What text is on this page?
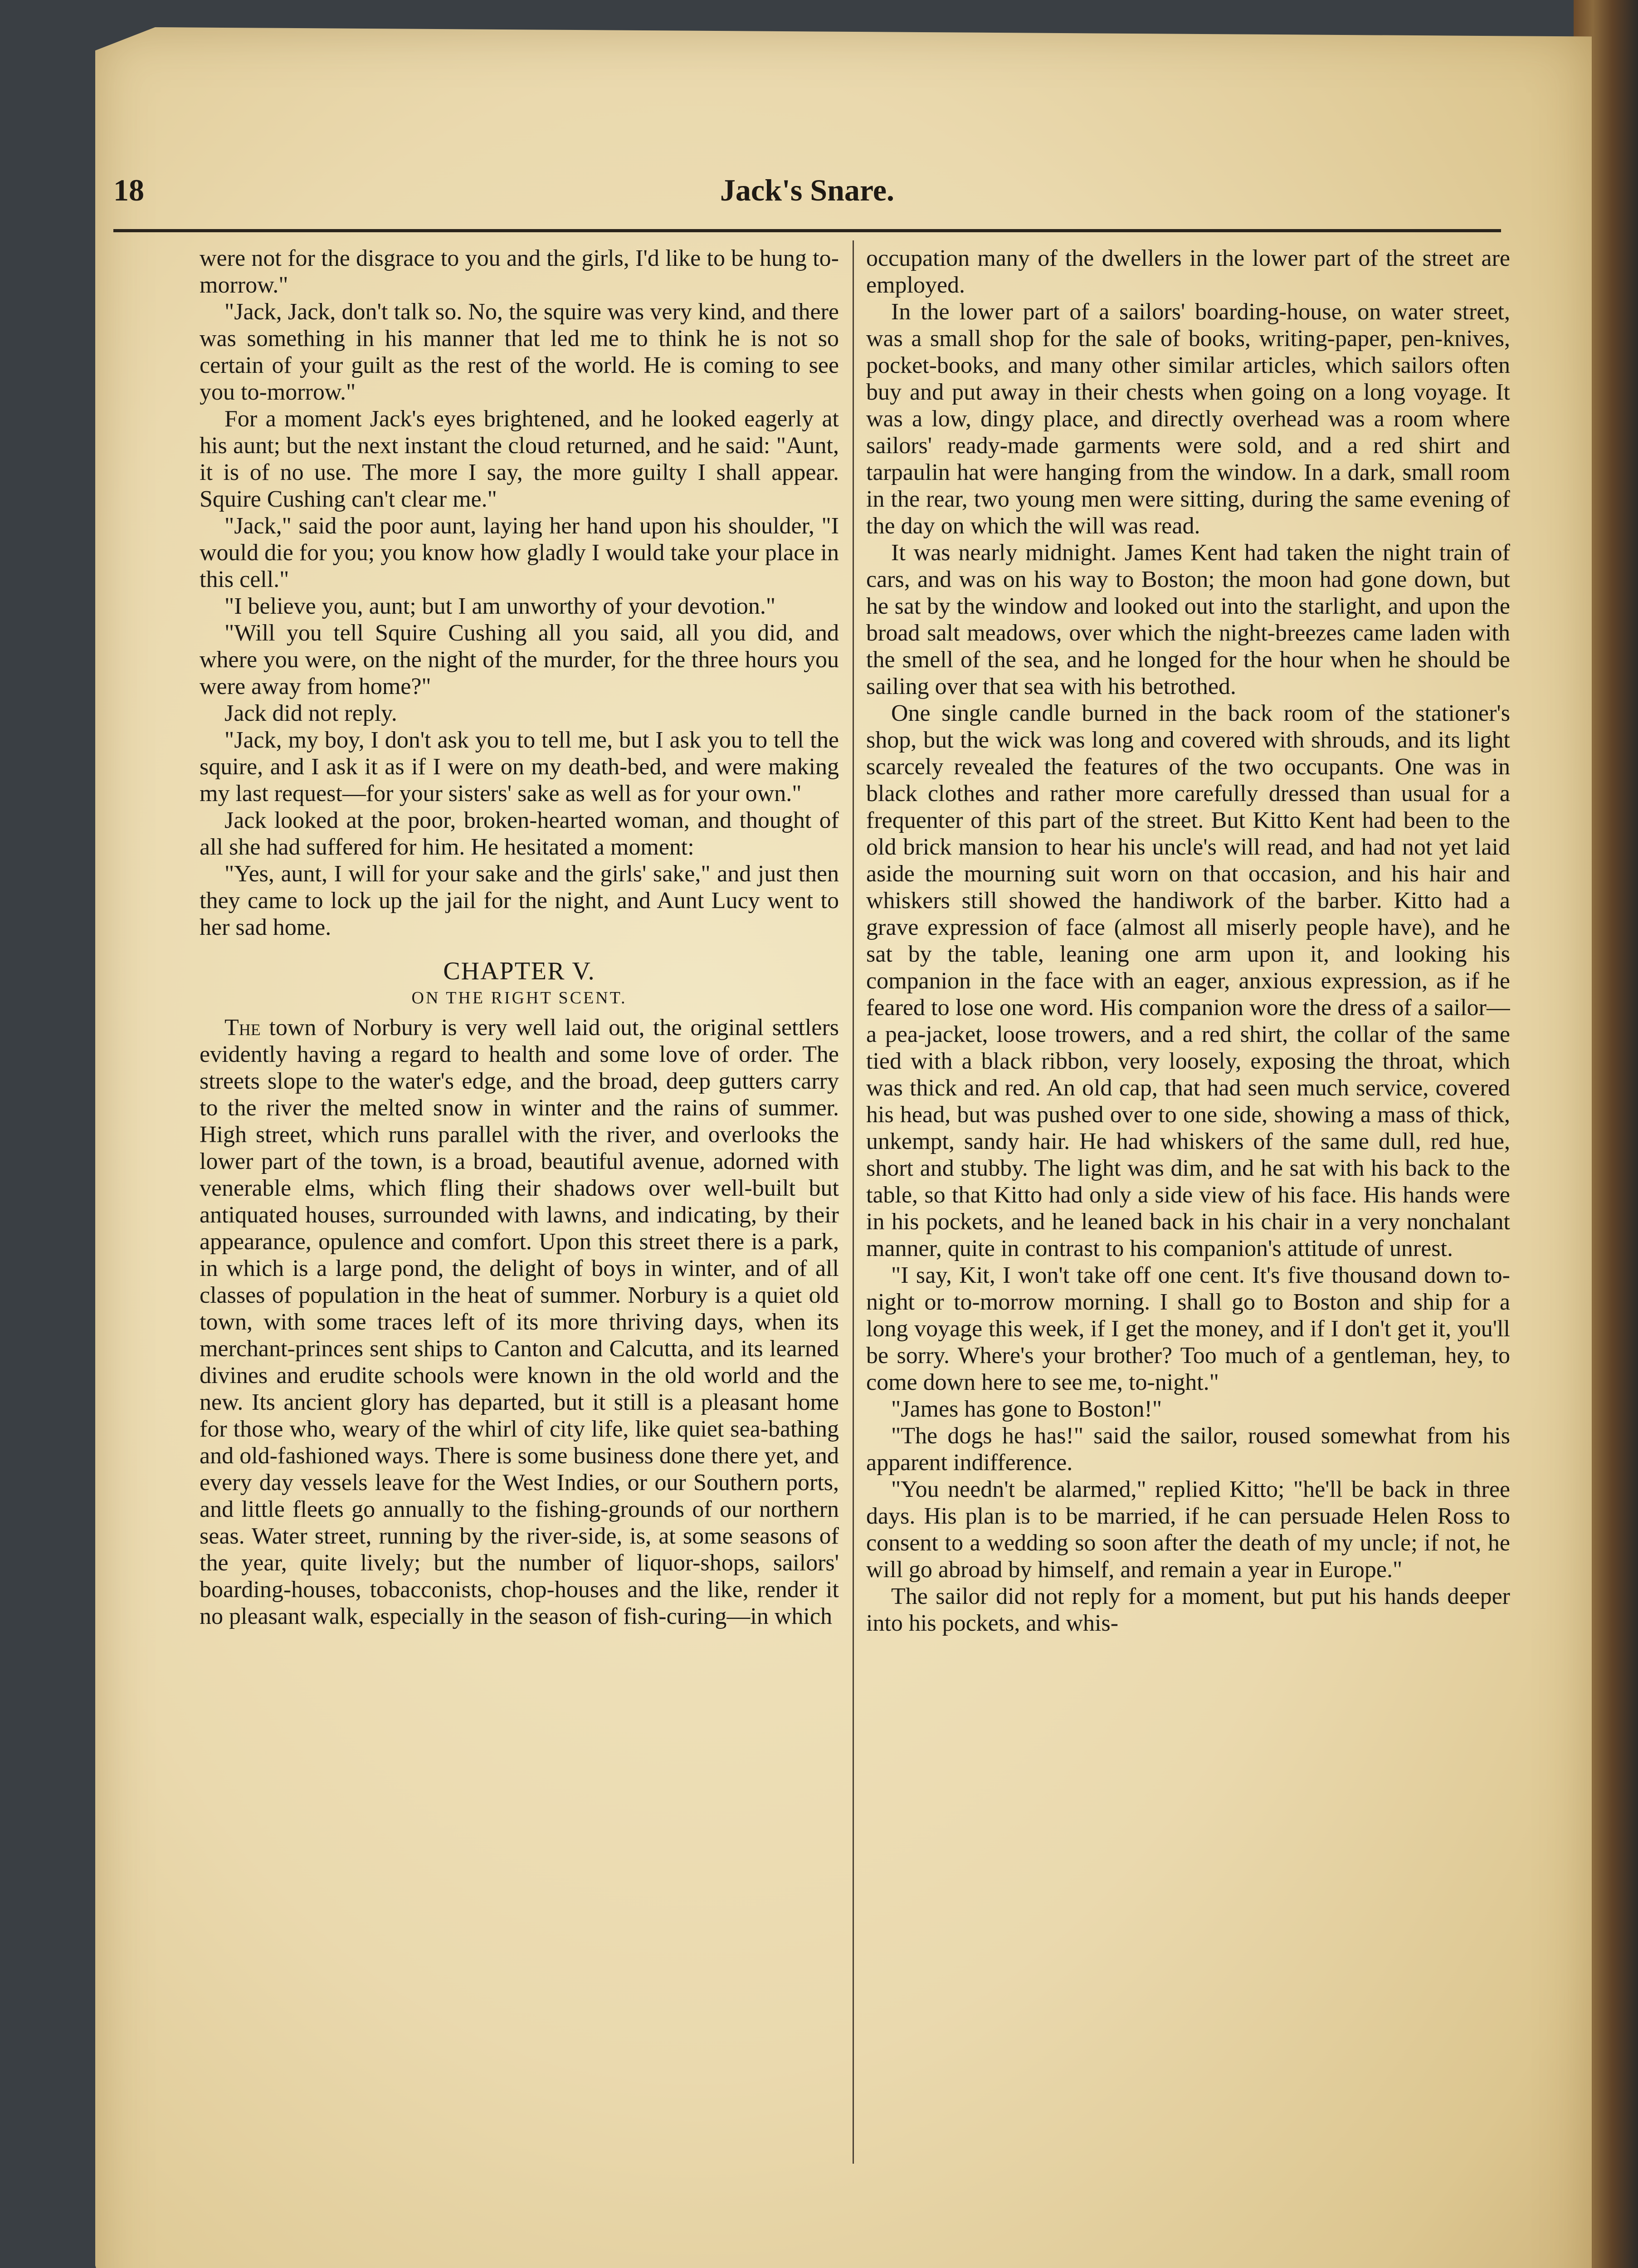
18	Jack's Snare.

were not for the disgrace to you and the girls, I'd like to be hung to-morrow."

"Jack, Jack, don't talk so. No, the squire was very kind, and there was something in his manner that led me to think he is not so certain of your guilt as the rest of the world. He is coming to see you to-morrow."

For a moment Jack's eyes brightened, and he looked eagerly at his aunt; but the next instant the cloud returned, and he said: "Aunt, it is of no use. The more I say, the more guilty I shall appear. Squire Cushing can't clear me."

"Jack," said the poor aunt, laying her hand upon his shoulder, "I would die for you; you know how gladly I would take your place in this cell."

"I believe you, aunt; but I am unworthy of your devotion."

"Will you tell Squire Cushing all you said, all you did, and where you were, on the night of the murder, for the three hours you were away from home?"

Jack did not reply.

"Jack, my boy, I don't ask you to tell me, but I ask you to tell the squire, and I ask it as if I were on my death-bed, and were making my last request—for your sisters' sake as well as for your own."

Jack looked at the poor, broken-hearted woman, and thought of all she had suffered for him. He hesitated a moment:

"Yes, aunt, I will for your sake and the girls' sake," and just then they came to lock up the jail for the night, and Aunt Lucy went to her sad home.

CHAPTER V.
ON THE RIGHT SCENT.

The town of Norbury is very well laid out, the original settlers evidently having a regard to health and some love of order. The streets slope to the water's edge, and the broad, deep gutters carry to the river the melted snow in winter and the rains of summer. High street, which runs parallel with the river, and overlooks the lower part of the town, is a broad, beautiful avenue, adorned with venerable elms, which fling their shadows over well-built but antiquated houses, surrounded with lawns, and indicating, by their appearance, opulence and comfort. Upon this street there is a park, in which is a large pond, the delight of boys in winter, and of all classes of population in the heat of summer. Norbury is a quiet old town, with some traces left of its more thriving days, when its merchant-princes sent ships to Canton and Calcutta, and its learned divines and erudite schools were known in the old world and the new. Its ancient glory has departed, but it still is a pleasant home for those who, weary of the whirl of city life, like quiet sea-bathing and old-fashioned ways. There is some business done there yet, and every day vessels leave for the West Indies, or our Southern ports, and little fleets go annually to the fishing-grounds of our northern seas. Water street, running by the river-side, is, at some seasons of the year, quite lively; but the number of liquor-shops, sailors' boarding-houses, tobacconists, chop-houses and the like, render it no pleasant walk, especially in the season of fish-curing—in which

occupation many of the dwellers in the lower part of the street are employed.

In the lower part of a sailors' boarding-house, on water street, was a small shop for the sale of books, writing-paper, pen-knives, pocket-books, and many other similar articles, which sailors often buy and put away in their chests when going on a long voyage. It was a low, dingy place, and directly overhead was a room where sailors' ready-made garments were sold, and a red shirt and tarpaulin hat were hanging from the window. In a dark, small room in the rear, two young men were sitting, during the same evening of the day on which the will was read.

It was nearly midnight. James Kent had taken the night train of cars, and was on his way to Boston; the moon had gone down, but he sat by the window and looked out into the starlight, and upon the broad salt meadows, over which the night-breezes came laden with the smell of the sea, and he longed for the hour when he should be sailing over that sea with his betrothed.

One single candle burned in the back room of the stationer's shop, but the wick was long and covered with shrouds, and its light scarcely revealed the features of the two occupants. One was in black clothes and rather more carefully dressed than usual for a frequenter of this part of the street. But Kitto Kent had been to the old brick mansion to hear his uncle's will read, and had not yet laid aside the mourning suit worn on that occasion, and his hair and whiskers still showed the handiwork of the barber. Kitto had a grave expression of face (almost all miserly people have), and he sat by the table, leaning one arm upon it, and looking his companion in the face with an eager, anxious expression, as if he feared to lose one word. His companion wore the dress of a sailor—a pea-jacket, loose trowers, and a red shirt, the collar of the same tied with a black ribbon, very loosely, exposing the throat, which was thick and red. An old cap, that had seen much service, covered his head, but was pushed over to one side, showing a mass of thick, unkempt, sandy hair. He had whiskers of the same dull, red hue, short and stubby. The light was dim, and he sat with his back to the table, so that Kitto had only a side view of his face. His hands were in his pockets, and he leaned back in his chair in a very nonchalant manner, quite in contrast to his companion's attitude of unrest.

"I say, Kit, I won't take off one cent. It's five thousand down to-night or to-morrow morning. I shall go to Boston and ship for a long voyage this week, if I get the money, and if I don't get it, you'll be sorry. Where's your brother? Too much of a gentleman, hey, to come down here to see me, to-night."

"James has gone to Boston!"

"The dogs he has!" said the sailor, roused somewhat from his apparent indifference.

"You needn't be alarmed," replied Kitto; "he'll be back in three days. His plan is to be married, if he can persuade Helen Ross to consent to a wedding so soon after the death of my uncle; if not, he will go abroad by himself, and remain a year in Europe."

The sailor did not reply for a moment, but put his hands deeper into his pockets, and whis-
